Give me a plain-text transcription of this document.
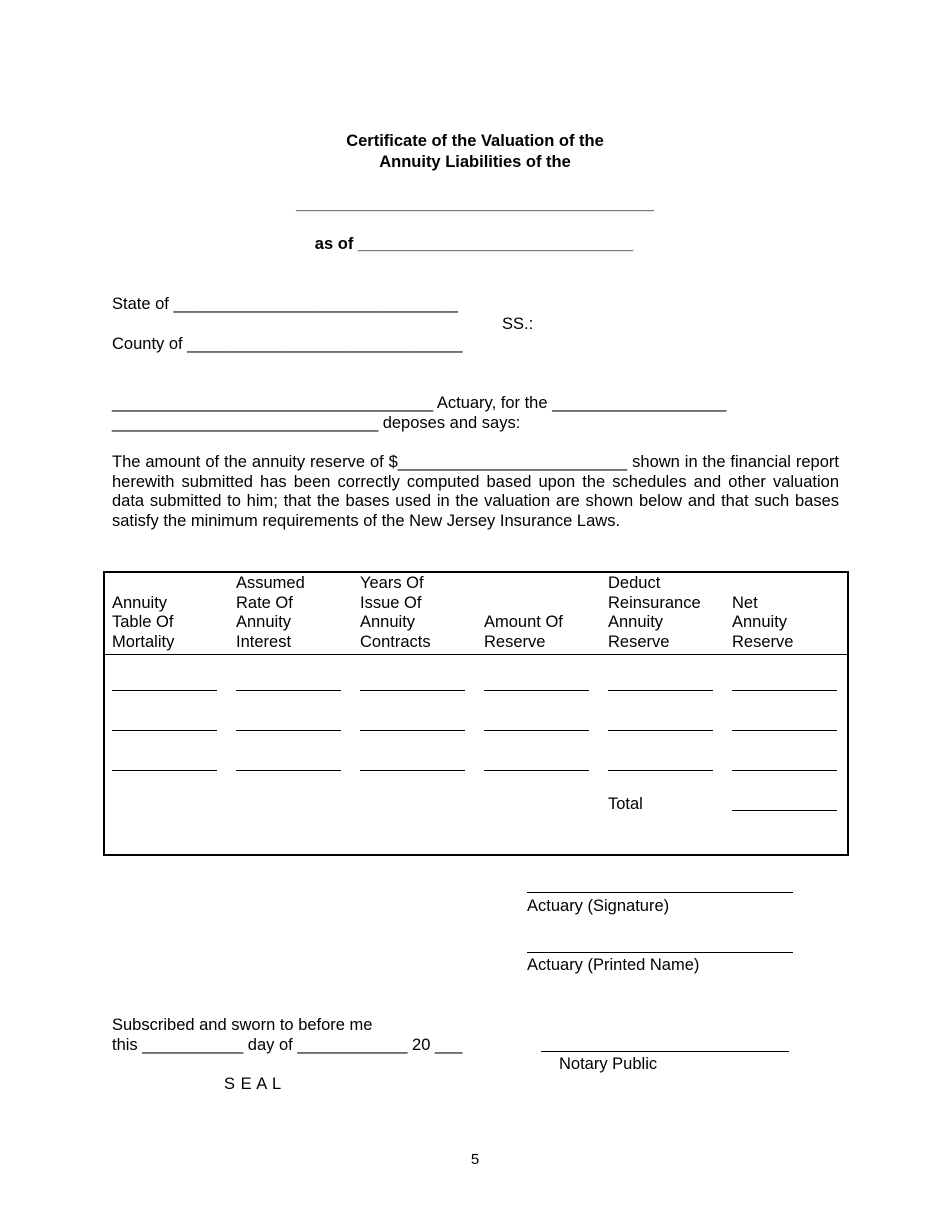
Certificate of the Valuation of the
Annuity Liabilities of the
_______________________________________
as of ______________________________
State of _______________________________
County of ______________________________
SS.:
___________________________________ Actuary, for the ___________________
_____________________________ deposes and says:
The amount of the annuity reserve of $_________________________ shown in the financial report herewith submitted has been correctly computed based upon the schedules and other valuation data submitted to him; that the bases used in the valuation are shown below and that such bases satisfy the minimum requirements of the New Jersey Insurance Laws.
Annuity
Table Of
Mortality
Assumed
Rate Of
Annuity
Interest
Years Of
Issue Of
Annuity
Contracts
Amount Of
Reserve
Deduct
Reinsurance
Annuity
Reserve
Net
Annuity
Reserve
Total
Actuary (Signature)
Actuary (Printed Name)
Subscribed and sworn to before me
this ___________ day of ____________ 20 ___
S E A L
Notary Public
5
